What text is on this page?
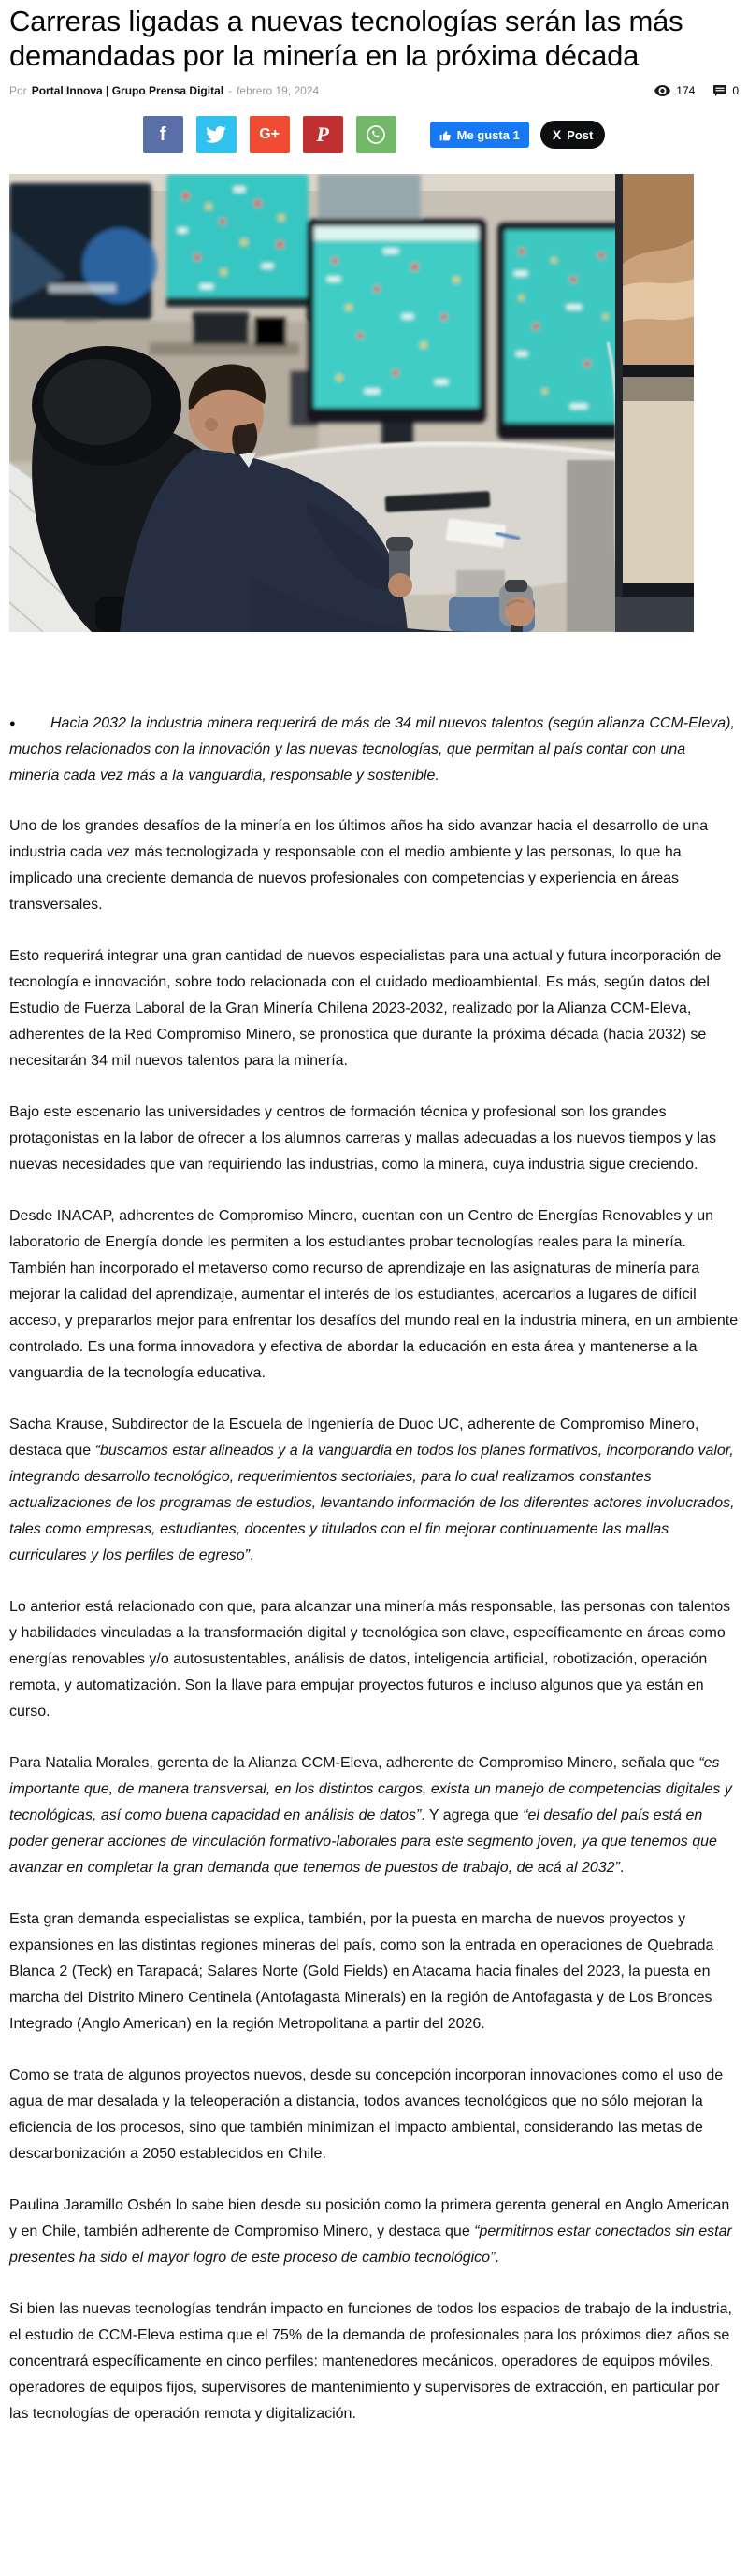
Carreras ligadas a nuevas tecnologías serán las más demandadas por la minería en la próxima década
Por Portal Innova | Grupo Prensa Digital - febrero 19, 2024	174	0
f	G+ P	Me gusta 1	X Post

● Hacia 2032 la industria minera requerirá de más de 34 mil nuevos talentos (según alianza CCM-Eleva), muchos relacionados con la innovación y las nuevas tecnologías, que permitan al país contar con una minería cada vez más a la vanguardia, responsable y sostenible.

Uno de los grandes desafíos de la minería en los últimos años ha sido avanzar hacia el desarrollo de una industria cada vez más tecnologizada y responsable con el medio ambiente y las personas, lo que ha implicado una creciente demanda de nuevos profesionales con competencias y experiencia en áreas transversales.

Esto requerirá integrar una gran cantidad de nuevos especialistas para una actual y futura incorporación de tecnología e innovación, sobre todo relacionada con el cuidado medioambiental. Es más, según datos del Estudio de Fuerza Laboral de la Gran Minería Chilena 2023-2032, realizado por la Alianza CCM-Eleva, adherentes de la Red Compromiso Minero, se pronostica que durante la próxima década (hacia 2032) se necesitarán 34 mil nuevos talentos para la minería.

Bajo este escenario las universidades y centros de formación técnica y profesional son los grandes protagonistas en la labor de ofrecer a los alumnos carreras y mallas adecuadas a los nuevos tiempos y las nuevas necesidades que van requiriendo las industrias, como la minera, cuya industria sigue creciendo.

Desde INACAP, adherentes de Compromiso Minero, cuentan con un Centro de Energías Renovables y un laboratorio de Energía donde les permiten a los estudiantes probar tecnologías reales para la minería. También han incorporado el metaverso como recurso de aprendizaje en las asignaturas de minería para mejorar la calidad del aprendizaje, aumentar el interés de los estudiantes, acercarlos a lugares de difícil acceso, y prepararlos mejor para enfrentar los desafíos del mundo real en la industria minera, en un ambiente controlado. Es una forma innovadora y efectiva de abordar la educación en esta área y mantenerse a la vanguardia de la tecnología educativa.

Sacha Krause, Subdirector de la Escuela de Ingeniería de Duoc UC, adherente de Compromiso Minero, destaca que “buscamos estar alineados y a la vanguardia en todos los planes formativos, incorporando valor, integrando desarrollo tecnológico, requerimientos sectoriales, para lo cual realizamos constantes actualizaciones de los programas de estudios, levantando información de los diferentes actores involucrados, tales como empresas, estudiantes, docentes y titulados con el fin mejorar continuamente las mallas curriculares y los perfiles de egreso”.

Lo anterior está relacionado con que, para alcanzar una minería más responsable, las personas con talentos y habilidades vinculadas a la transformación digital y tecnológica son clave, específicamente en áreas como energías renovables y/o autosustentables, análisis de datos, inteligencia artificial, robotización, operación remota, y automatización. Son la llave para empujar proyectos futuros e incluso algunos que ya están en curso.

Para Natalia Morales, gerenta de la Alianza CCM-Eleva, adherente de Compromiso Minero, señala que “es importante que, de manera transversal, en los distintos cargos, exista un manejo de competencias digitales y tecnológicas, así como buena capacidad en análisis de datos”. Y agrega que “el desafío del país está en poder generar acciones de vinculación formativo-laborales para este segmento joven, ya que tenemos que avanzar en completar la gran demanda que tenemos de puestos de trabajo, de acá al 2032”.

Esta gran demanda especialistas se explica, también, por la puesta en marcha de nuevos proyectos y expansiones en las distintas regiones mineras del país, como son la entrada en operaciones de Quebrada Blanca 2 (Teck) en Tarapacá; Salares Norte (Gold Fields) en Atacama hacia finales del 2023, la puesta en marcha del Distrito Minero Centinela (Antofagasta Minerals) en la región de Antofagasta y de Los Bronces Integrado (Anglo American) en la región Metropolitana a partir del 2026.

Como se trata de algunos proyectos nuevos, desde su concepción incorporan innovaciones como el uso de agua de mar desalada y la teleoperación a distancia, todos avances tecnológicos que no sólo mejoran la eficiencia de los procesos, sino que también minimizan el impacto ambiental, considerando las metas de descarbonización a 2050 establecidos en Chile.

Paulina Jaramillo Osbén lo sabe bien desde su posición como la primera gerenta general en Anglo American y en Chile, también adherente de Compromiso Minero, y destaca que “permitirnos estar conectados sin estar presentes ha sido el mayor logro de este proceso de cambio tecnológico”.

Si bien las nuevas tecnologías tendrán impacto en funciones de todos los espacios de trabajo de la industria, el estudio de CCM-Eleva estima que el 75% de la demanda de profesionales para los próximos diez años se concentrará específicamente en cinco perfiles: mantenedores mecánicos, operadores de equipos móviles, operadores de equipos fijos, supervisores de mantenimiento y supervisores de extracción, en particular por las tecnologías de operación remota y digitalización.
